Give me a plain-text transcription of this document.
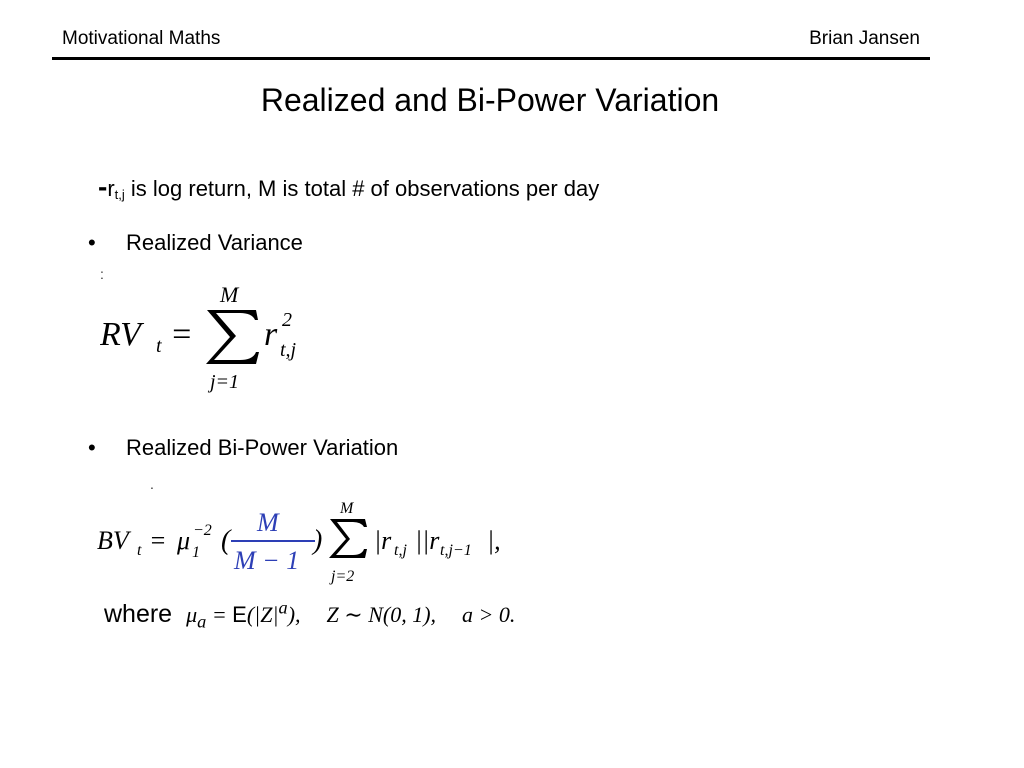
Motivational Maths	Brian Jansen
Realized and Bi-Power Variation
$-r_{t,j}$ is log return, M is total # of observations per day
• Realized Variance
:
RV t =
M
j=1
r 2
t,j
• Realized Bi-Power Variation
.
BV t = μ 1
−2 (
M
M − 1
)
M
j=2
|r t,j ||r t,j−1 |,
where $\mu_a = E(|Z|^a)$, Z ∼ N(0, 1), a > 0.
